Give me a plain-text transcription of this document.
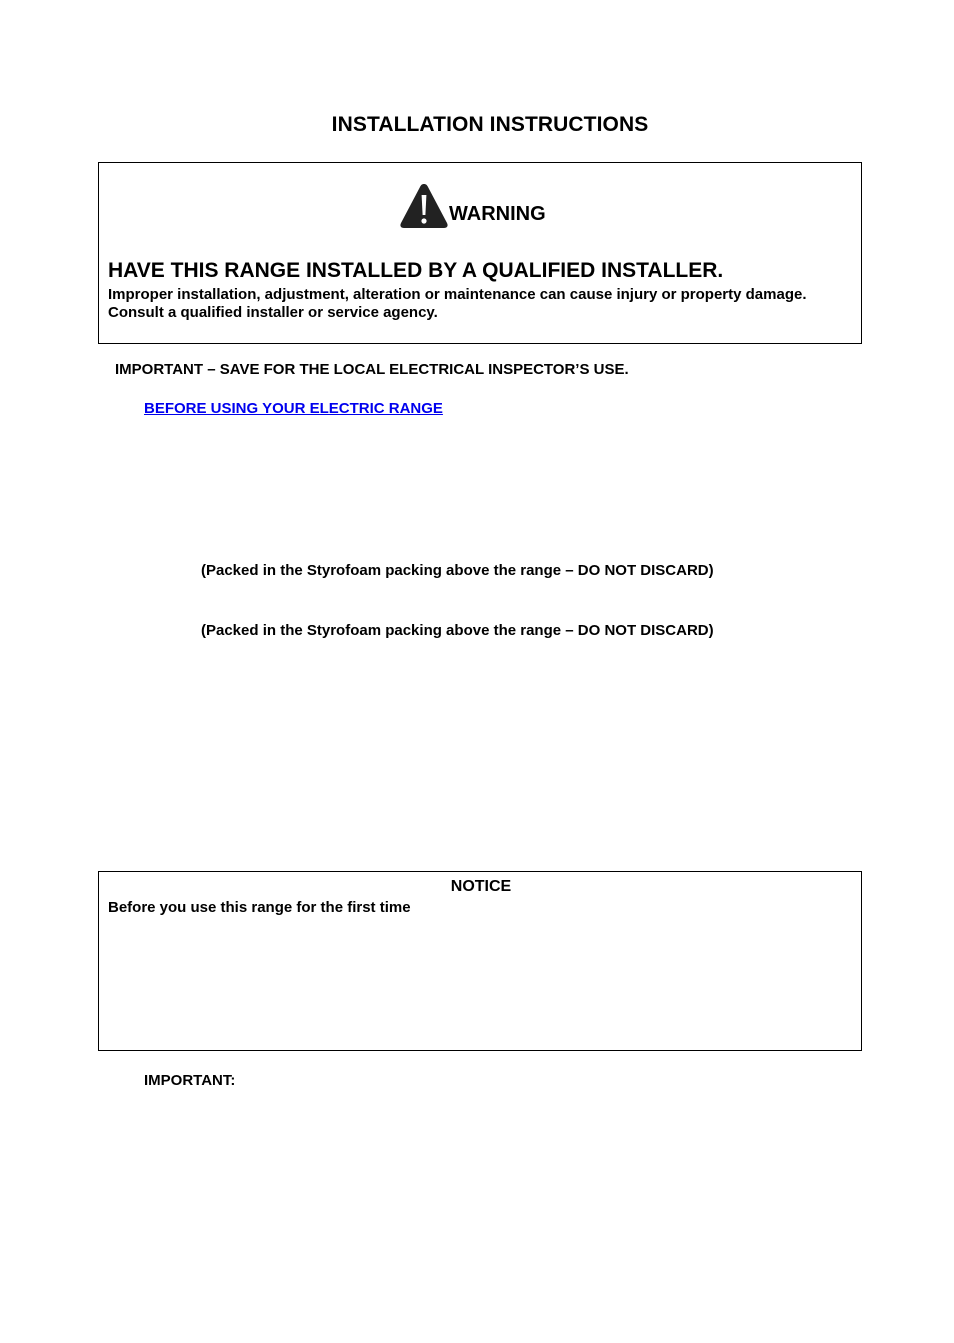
INSTALLATION INSTRUCTIONS
WARNING
HAVE THIS RANGE INSTALLED BY A QUALIFIED INSTALLER.
Improper installation, adjustment, alteration or maintenance can cause injury or property damage.
Consult a qualified installer or service agency.
IMPORTANT – SAVE FOR THE LOCAL ELECTRICAL INSPECTOR’S USE.
BEFORE USING YOUR ELECTRIC RANGE
(Packed in the Styrofoam packing above the range – DO NOT DISCARD)
(Packed in the Styrofoam packing above the range – DO NOT DISCARD)
NOTICE
Before you use this range for the first time
IMPORTANT:
